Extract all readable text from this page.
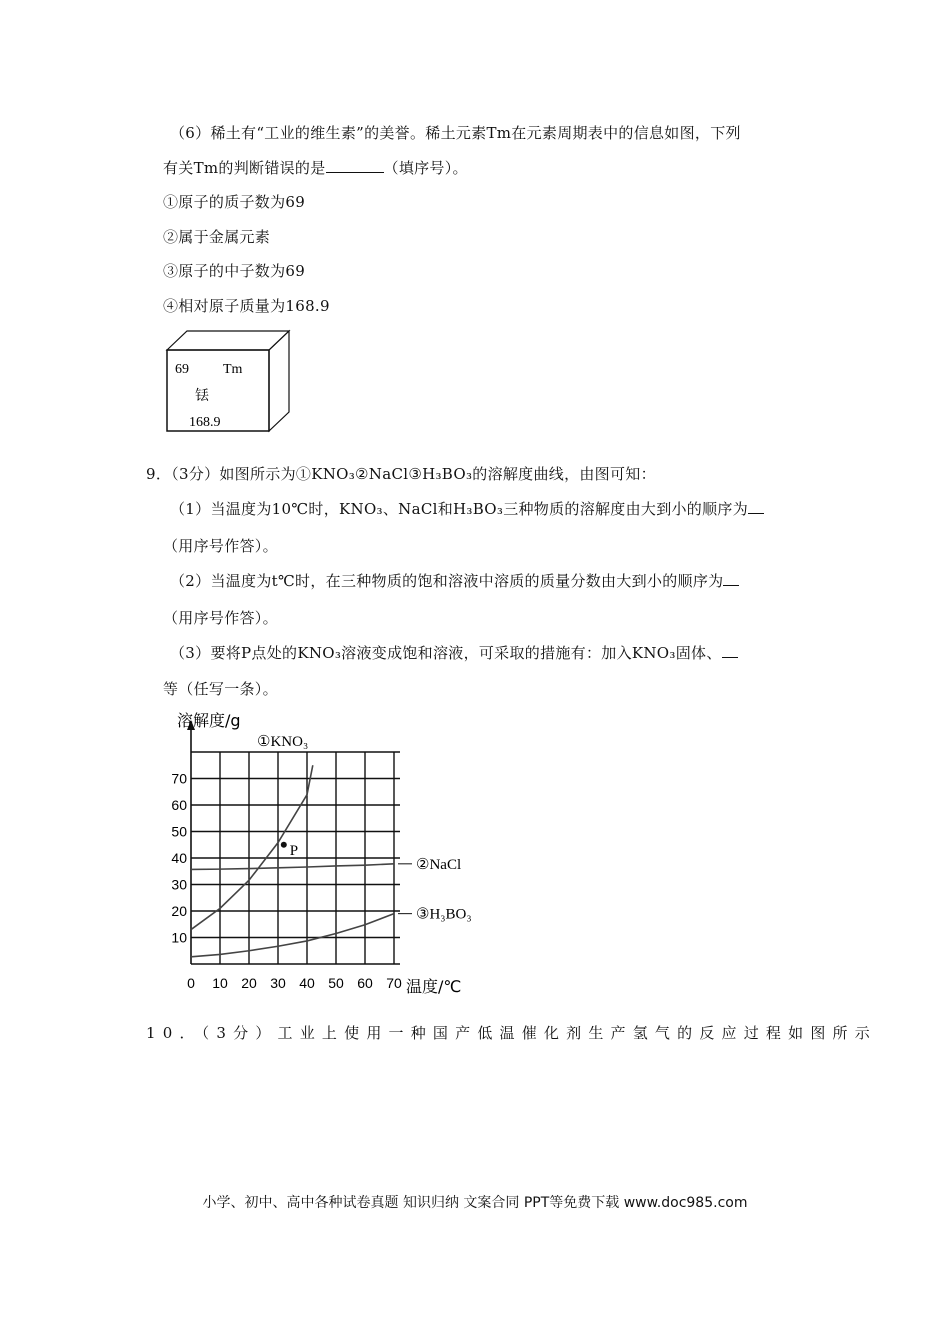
（6）稀土有“工业的维生素”的美誉。稀土元素Tm在元素周期表中的信息如图，下列
有关Tm的判断错误的是	（填序号）。
①原子的质子数为69
②属于金属元素
③原子的中子数为69
④相对原子质量为168.9
69 Tm
铥
168.9
9．（3分）如图所示为①KNO₃②NaCl③H₃BO₃的溶解度曲线，由图可知：
（1）当温度为10℃时，KNO₃、NaCl和H₃BO₃三种物质的溶解度由大到小的顺序为
（用序号作答）。
（2）当温度为t℃时，在三种物质的饱和溶液中溶质的质量分数由大到小的顺序为
（用序号作答）。
（3）要将P点处的KNO₃溶液变成饱和溶液，可采取的措施有：加入KNO₃固体、
等（任写一条）。
0 10 20 30 40 50 60 70
10
20
30
40
50
60
70
①KNO₃
②NaCl
③H₃BO₃
P
溶解度/g
温度/℃
10．（3分）工业上使用一种国产低温催化剂生产氢气的反应过程如图所示
小学、初中、高中各种试卷真题 知识归纳 文案合同 PPT等免费下载 www.doc985.com
